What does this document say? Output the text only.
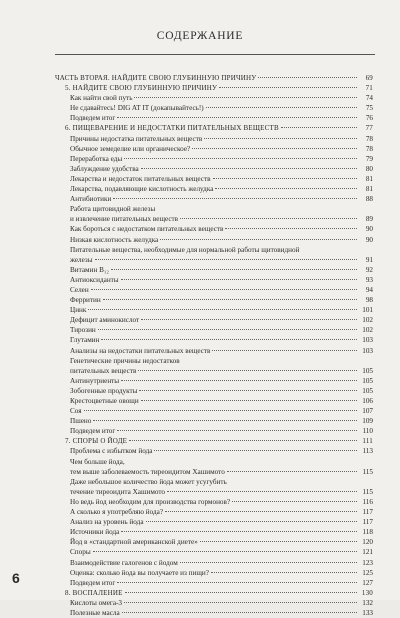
СОДЕРЖАНИЕ
ЧАСТЬ ВТОРАЯ. НАЙДИТЕ СВОЮ ГЛУБИННУЮ ПРИЧИНУ	69
5. НАЙДИТЕ СВОЮ ГЛУБИННУЮ ПРИЧИНУ	71
Как найти свой путь	74
Не сдавайтесь! DIG AT IT (докапывайтесь!)	75
Подведем итог	76
6. ПИЩЕВАРЕНИЕ И НЕДОСТАТКИ ПИТАТЕЛЬНЫХ ВЕЩЕСТВ	77
Причины недостатка питательных веществ	78
Обычное земеделие или органическое?	78
Переработка еды	79
Заблуждение удобства	80
Лекарства и недостаток питательных веществ	81
Лекарства, подавляющие кислотность желудка	81
Антибиотики	88
Работа щитовидной железы
и извлечение питательных веществ	89
Как бороться с недостатком питательных веществ	90
Низкая кислотность желудка	90
Питательные вещества, необходимые для нормальной работы щитовидной
железы	91
Витамин В₁₂	92
Антиоксиданты	93
Селен	94
Ферритин	98
Цинк	101
Дефицит аминокислот	102
Тирозин	102
Глутамин	103
Анализы на недостатки питательных веществ	103
Генетические причины недостатков
питательных веществ	105
Антинутриенты	105
Зобогенные продукты	105
Крестоцветные овощи	106
Соя	107
Пшено	109
Подведем итог	110
7. СПОРЫ О ЙОДЕ	111
Проблема с избытком йода	113
Чем больше йода,
тем выше заболеваемость тиреоидитом Хашимото	115
Даже небольшое количество йода может усугубить
течение тиреоидита Хашимото	115
Но ведь йод необходим для производства гормонов?	116
А сколько я употребляю йода?	117
Анализ на уровень йода	117
Источники йода	118
Йод в «стандартной американской диете»	120
Споры	121
Взаимодействие галогенов с йодом	123
Оценка: сколько йода вы получаете из пищи?	125
Подведем итог	127
8. ВОСПАЛЕНИЕ	130
Кислоты омега-3	132
Полезные масла	133
6
